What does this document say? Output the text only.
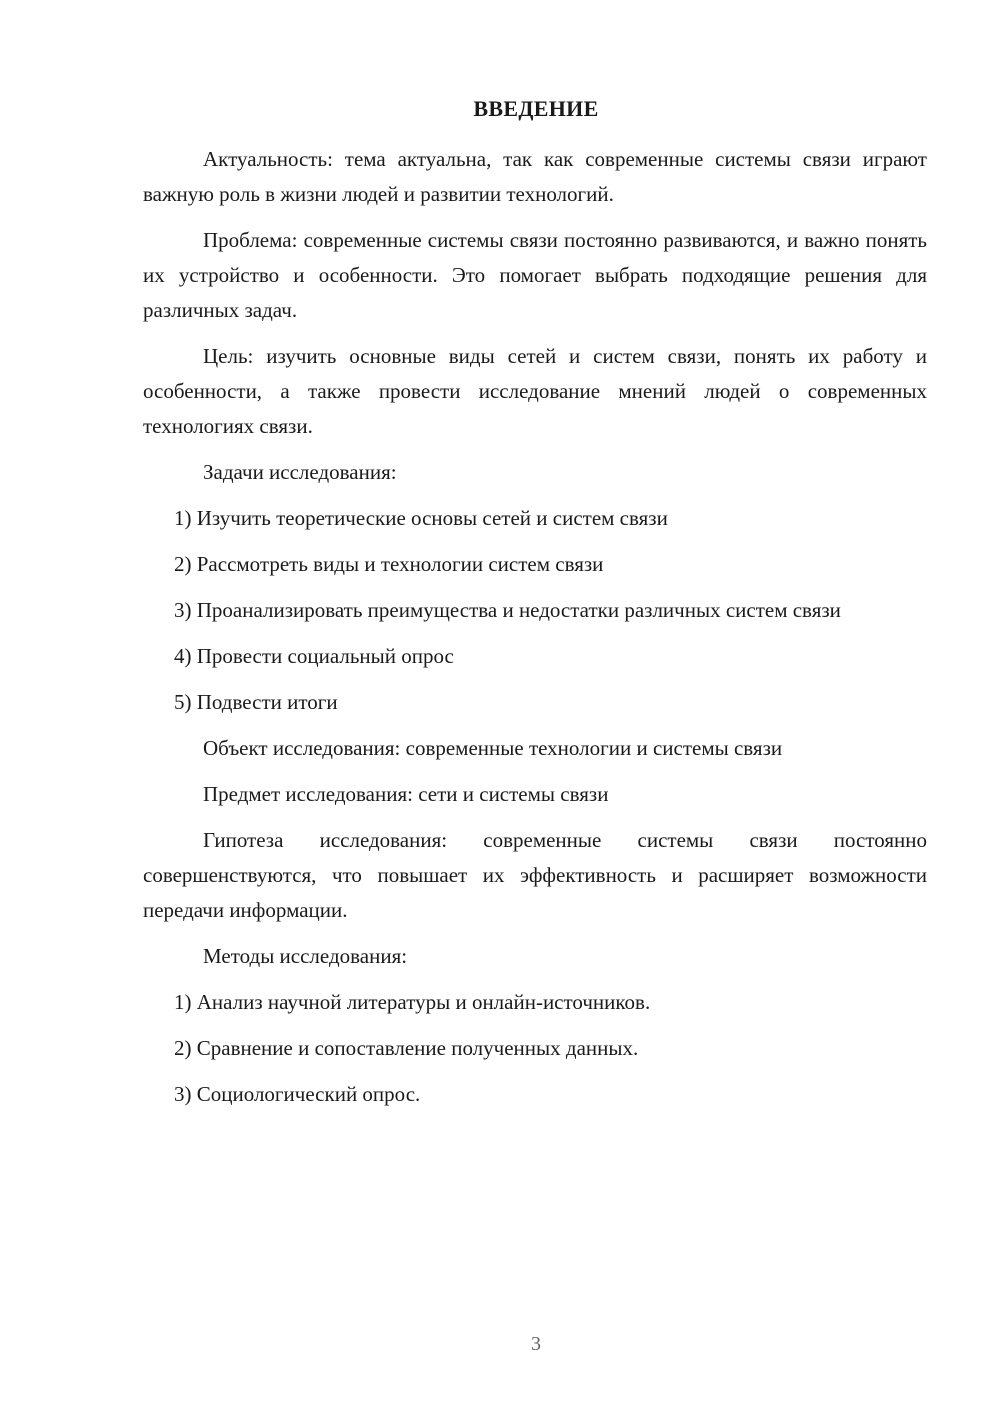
ВВЕДЕНИЕ

Актуальность: тема актуальна, так как современные системы связи играют важную роль в жизни людей и развитии технологий.

Проблема: современные системы связи постоянно развиваются, и важно понять их устройство и особенности. Это помогает выбрать подходящие решения для различных задач.

Цель: изучить основные виды сетей и систем связи, понять их работу и особенности, а также провести исследование мнений людей о современных технологиях связи.

Задачи исследования:

1) Изучить теоретические основы сетей и систем связи

2) Рассмотреть виды и технологии систем связи

3) Проанализировать преимущества и недостатки различных систем связи

4) Провести социальный опрос

5) Подвести итоги

Объект исследования: современные технологии и системы связи

Предмет исследования: сети и системы связи

Гипотеза исследования: современные системы связи постоянно совершенствуются, что повышает их эффективность и расширяет возможности передачи информации.

Методы исследования:

1) Анализ научной литературы и онлайн-источников.

2) Сравнение и сопоставление полученных данных.

3) Социологический опрос.

3
